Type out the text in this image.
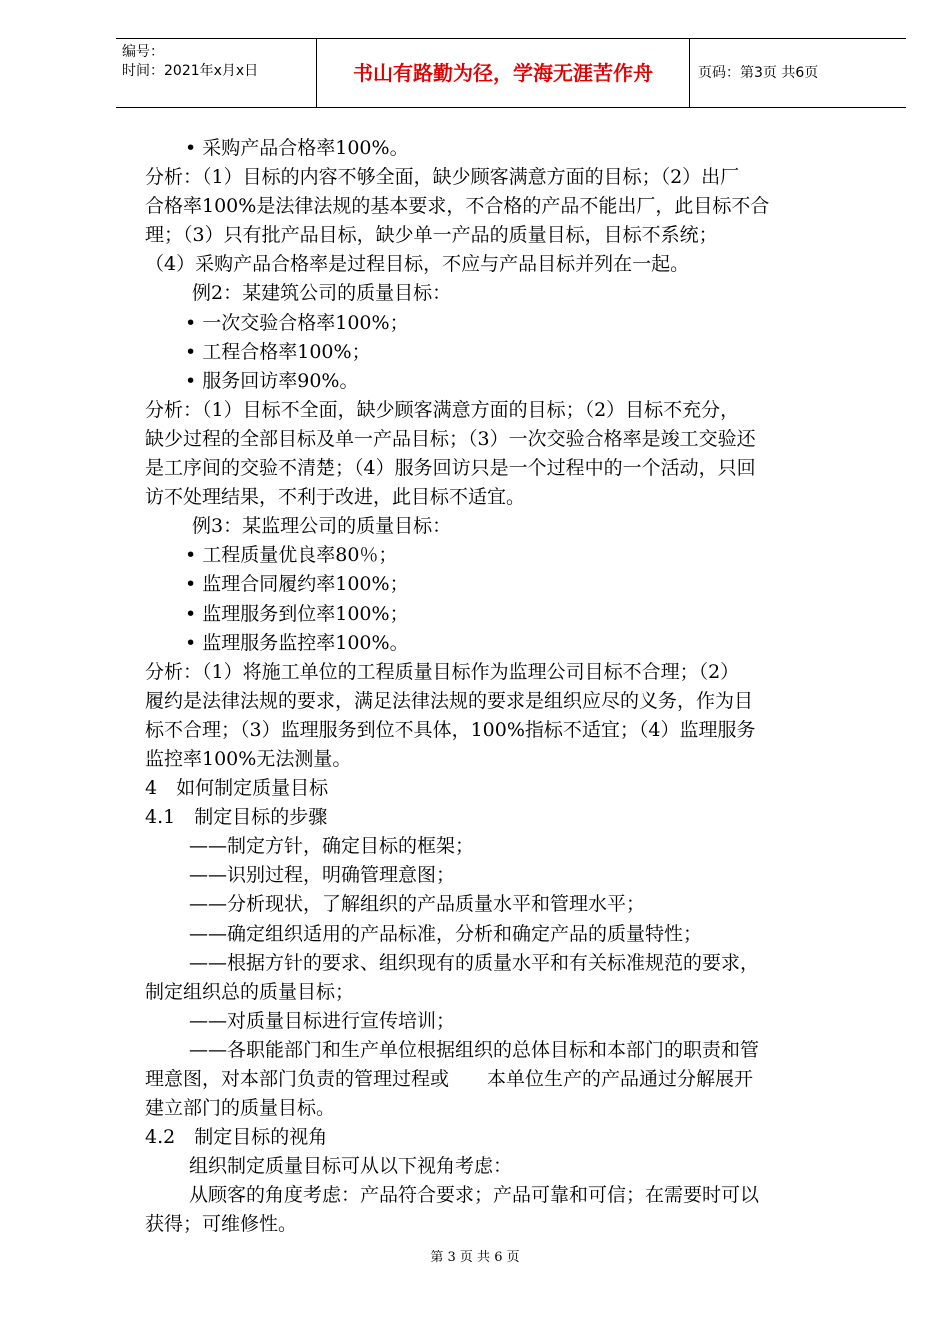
编号：
时间：2021年x月x日	书山有路勤为径，学海无涯苦作舟	页码：第3页 共6页
• 采购产品合格率100%。
分析：（1）目标的内容不够全面，缺少顾客满意方面的目标；（2）出厂
合格率100%是法律法规的基本要求，不合格的产品不能出厂，此目标不合
理；（3）只有批产品目标，缺少单一产品的质量目标，目标不系统；
（4）采购产品合格率是过程目标，不应与产品目标并列在一起。
例2：某建筑公司的质量目标：
• 一次交验合格率100%；
• 工程合格率100%；
• 服务回访率90%。
分析：（1）目标不全面，缺少顾客满意方面的目标；（2）目标不充分，
缺少过程的全部目标及单一产品目标；（3）一次交验合格率是竣工交验还
是工序间的交验不清楚；（4）服务回访只是一个过程中的一个活动，只回
访不处理结果，不利于改进，此目标不适宜。
例3：某监理公司的质量目标：
• 工程质量优良率80％；
• 监理合同履约率100%；
• 监理服务到位率100%；
• 监理服务监控率100%。
分析：（1）将施工单位的工程质量目标作为监理公司目标不合理；（2）
履约是法律法规的要求，满足法律法规的要求是组织应尽的义务，作为目
标不合理；（3）监理服务到位不具体，100%指标不适宜；（4）监理服务
监控率100%无法测量。
4　如何制定质量目标
4.1　制定目标的步骤
——制定方针，确定目标的框架；
——识别过程，明确管理意图；
——分析现状，了解组织的产品质量水平和管理水平；
——确定组织适用的产品标准，分析和确定产品的质量特性；
——根据方针的要求、组织现有的质量水平和有关标准规范的要求，
制定组织总的质量目标；
——对质量目标进行宣传培训；
——各职能部门和生产单位根据组织的总体目标和本部门的职责和管
理意图，对本部门负责的管理过程或　　本单位生产的产品通过分解展开
建立部门的质量目标。
4.2　制定目标的视角
组织制定质量目标可从以下视角考虑：
从顾客的角度考虑：产品符合要求；产品可靠和可信；在需要时可以
获得；可维修性。
第 3 页 共 6 页
